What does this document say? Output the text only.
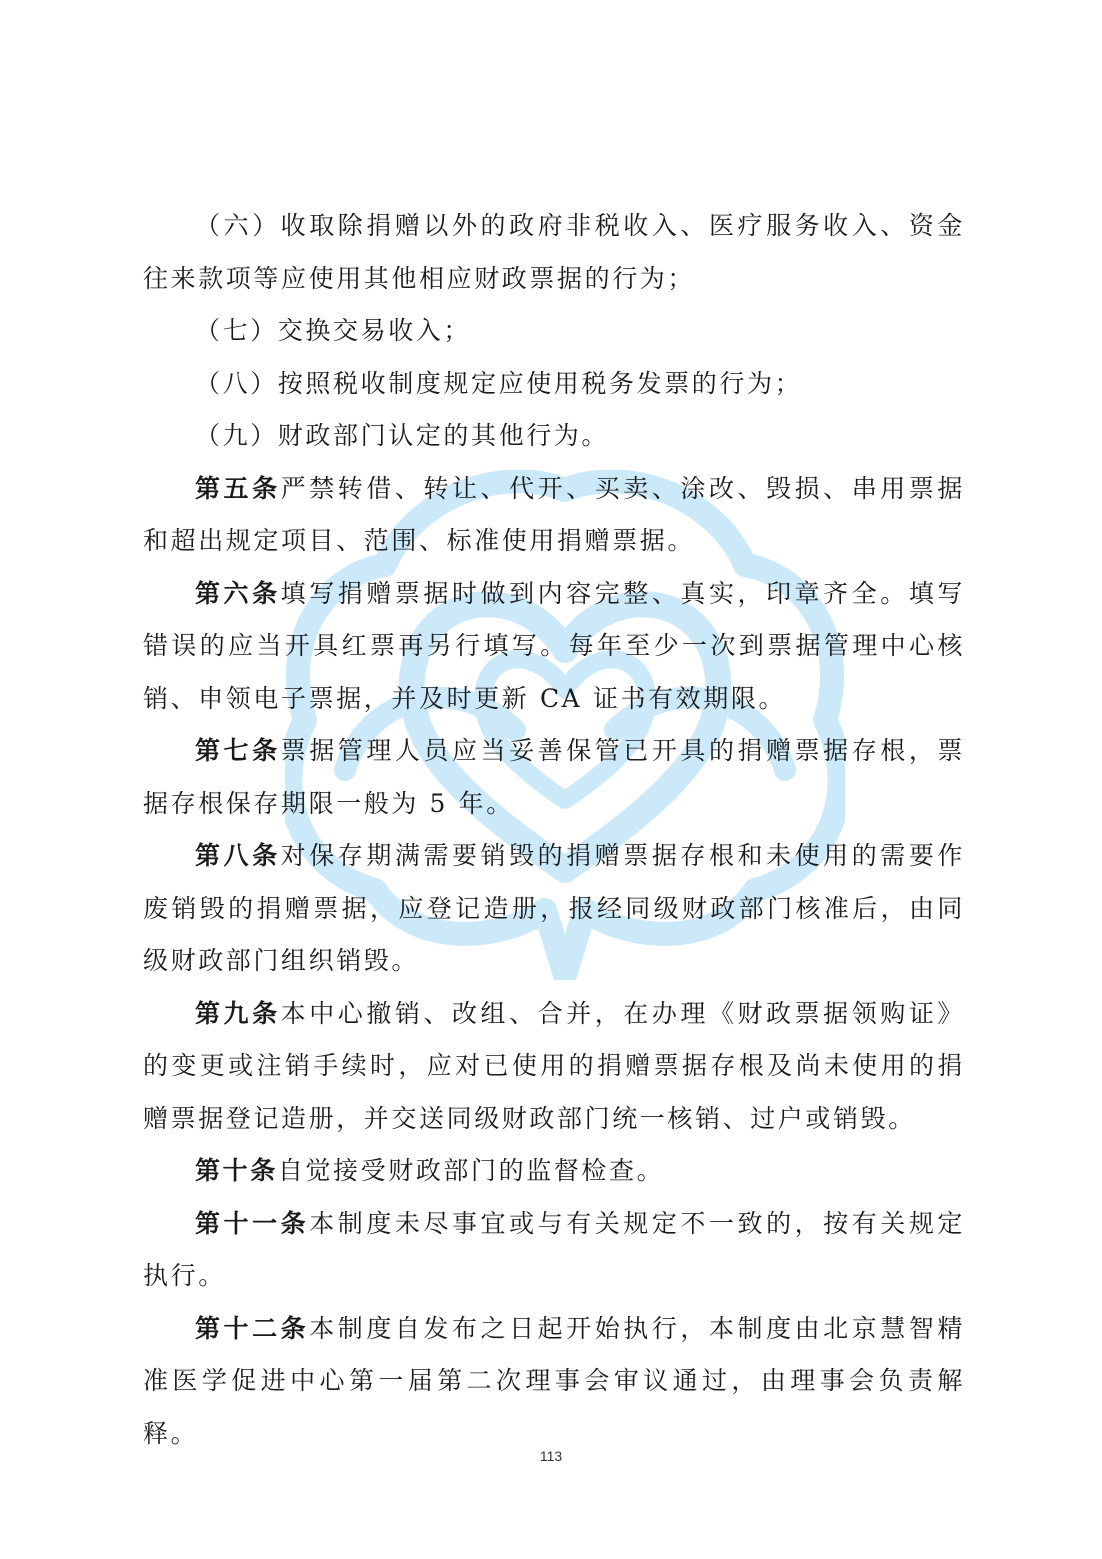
（六）收取除捐赠以外的政府非税收入、医疗服务收入、资金往来款项等应使用其他相应财政票据的行为；

（七）交换交易收入；

（八）按照税收制度规定应使用税务发票的行为；

（九）财政部门认定的其他行为。

第五条严禁转借、转让、代开、买卖、涂改、毁损、串用票据和超出规定项目、范围、标准使用捐赠票据。

第六条填写捐赠票据时做到内容完整、真实，印章齐全。填写错误的应当开具红票再另行填写。每年至少一次到票据管理中心核销、申领电子票据，并及时更新 CA 证书有效期限。

第七条票据管理人员应当妥善保管已开具的捐赠票据存根，票据存根保存期限一般为 5 年。

第八条对保存期满需要销毁的捐赠票据存根和未使用的需要作废销毁的捐赠票据，应登记造册，报经同级财政部门核准后，由同级财政部门组织销毁。

第九条本中心撤销、改组、合并，在办理《财政票据领购证》的变更或注销手续时，应对已使用的捐赠票据存根及尚未使用的捐赠票据登记造册，并交送同级财政部门统一核销、过户或销毁。

第十条自觉接受财政部门的监督检查。

第十一条本制度未尽事宜或与有关规定不一致的，按有关规定执行。

第十二条本制度自发布之日起开始执行，本制度由北京慧智精准医学促进中心第一届第二次理事会审议通过，由理事会负责解释。

113
